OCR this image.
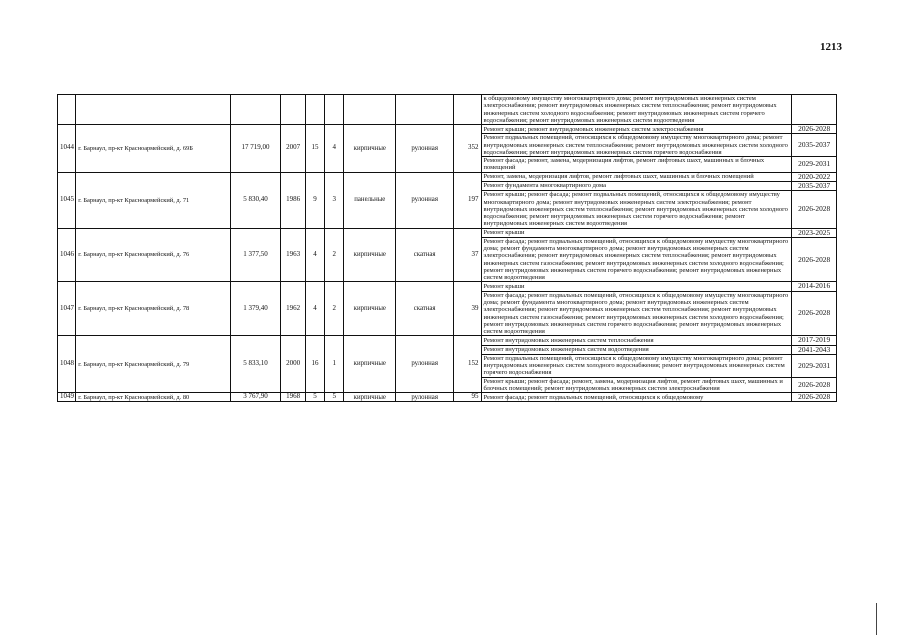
1213
									к общедомовому имуществу многоквартирного дома; ремонт внутридомовых инженерных систем электроснабжения; ремонт внутридомовых инженерных систем теплоснабжения; ремонт внутридомовых инженерных систем холодного водоснабжения; ремонт внутридомовых инженерных систем горячего водоснабжения; ремонт внутридомовых инженерных систем водоотведения	
1044	г. Барнаул, пр-кт Красноармейский, д. 69Б	17 719,00	2007	15	4	кирпичные	рулонная	352	Ремонт крыши; ремонт внутридомовых инженерных систем электроснабжения	2026-2028
									Ремонт подвальных помещений, относящихся к общедомовому имуществу многоквартирного дома; ремонт внутридомовых инженерных систем теплоснабжения; ремонт внутридомовых инженерных систем холодного водоснабжения; ремонт внутридомовых инженерных систем горячего водоснабжения	2035-2037
									Ремонт фасада; ремонт, замена, модернизация лифтов, ремонт лифтовых шахт, машинных и блочных помещений	2029-2031
1045	г. Барнаул, пр-кт Красноармейский, д. 71	5 830,40	1986	9	3	панельные	рулонная	197	Ремонт, замена, модернизация лифтов, ремонт лифтовых шахт, машинных и блочных помещений	2020-2022
									Ремонт фундамента многоквартирного дома	2035-2037
									Ремонт крыши; ремонт фасада; ремонт подвальных помещений, относящихся к общедомовому имуществу многоквартирного дома; ремонт внутридомовых инженерных систем электроснабжения; ремонт внутридомовых инженерных систем теплоснабжения; ремонт внутридомовых инженерных систем холодного водоснабжения; ремонт внутридомовых инженерных систем горячего водоснабжения; ремонт внутридомовых инженерных систем водоотведения	2026-2028
1046	г. Барнаул, пр-кт Красноармейский, д. 76	1 377,50	1963	4	2	кирпичные	скатная	37	Ремонт крыши	2023-2025
									Ремонт фасада; ремонт подвальных помещений, относящихся к общедомовому имуществу многоквартирного дома; ремонт фундамента многоквартирного дома; ремонт внутридомовых инженерных систем электроснабжения; ремонт внутридомовых инженерных систем теплоснабжения; ремонт внутридомовых инженерных систем газоснабжения; ремонт внутридомовых инженерных систем холодного водоснабжения; ремонт внутридомовых инженерных систем горячего водоснабжения; ремонт внутридомовых инженерных систем водоотведения	2026-2028
1047	г. Барнаул, пр-кт Красноармейский, д. 78	1 379,40	1962	4	2	кирпичные	скатная	39	Ремонт крыши	2014-2016
									Ремонт фасада; ремонт подвальных помещений, относящихся к общедомовому имуществу многоквартирного дома; ремонт фундамента многоквартирного дома; ремонт внутридомовых инженерных систем электроснабжения; ремонт внутридомовых инженерных систем теплоснабжения; ремонт внутридомовых инженерных систем газоснабжения; ремонт внутридомовых инженерных систем холодного водоснабжения; ремонт внутридомовых инженерных систем горячего водоснабжения; ремонт внутридомовых инженерных систем водоотведения	2026-2028
1048	г. Барнаул, пр-кт Красноармейский, д. 79	5 833,10	2000	16	1	кирпичные	рулонная	152	Ремонт внутридомовых инженерных систем теплоснабжения	2017-2019
									Ремонт внутридомовых инженерных систем водоотведения	2041-2043
									Ремонт подвальных помещений, относящихся к общедомовому имуществу многоквартирного дома; ремонт внутридомовых инженерных систем холодного водоснабжения; ремонт внутридомовых инженерных систем горячего водоснабжения	2029-2031
									Ремонт крыши; ремонт фасада; ремонт, замена, модернизация лифтов, ремонт лифтовых шахт, машинных и блочных помещений; ремонт внутридомовых инженерных систем электроснабжения	2026-2028
1049	г. Барнаул, пр-кт Красноармейский, д. 80	3 767,90	1968	5	5	кирпичные	рулонная	95	Ремонт фасада; ремонт подвальных помещений, относящихся к общедомовому	2026-2028
